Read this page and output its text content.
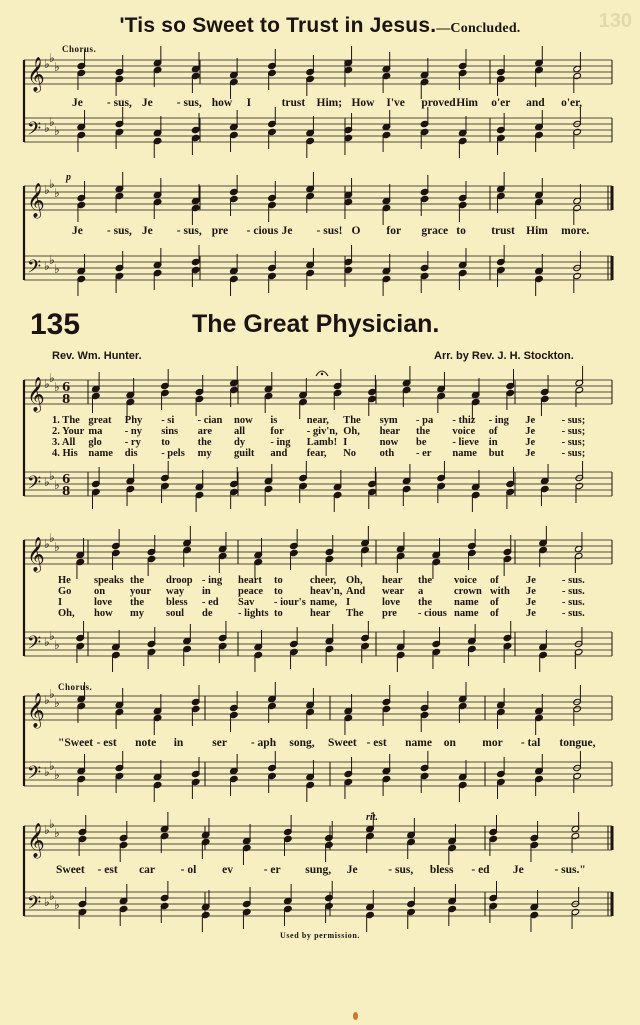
'Tis so Sweet to Trust in Jesus.—Concluded.	130
135	The Great Physician.
Rev. Wm. Hunter.	Arr. by Rev. J. H. Stockton.
Chorus.
p
Chorus.
rit.
𝄞
𝄢
♭ ♭
♭
♭ ♭
♭
𝄞
𝄢
♭ ♭
♭
♭ ♭
♭
𝄞
𝄢
♭ ♭
♭
♭ ♭
♭
6
8
6
8
𝄞
𝄢
♭ ♭
♭
♭ ♭
♭
𝄞
𝄢
♭ ♭
♭
♭ ♭
♭
𝄞
𝄢
♭ ♭
♭
♭ ♭
♭
Je - sus, Je - sus, how I	trust Him; How I've proved Him o'er and o'er,
Je - sus, Je - sus, pre - cious Je - sus! O for grace to trust Him more.
1. The great Phy - si - cian now is	near, The sym - pa - thiz - ing Je	- sus;
2. Your ma - ny sins are all for - giv'n, Oh, hear the voice of	Je	- sus;
3. All glo - ry to	the dy - ing Lamb! I	now be - lieve in	Je	- sus;
4. His name dis - pels my guilt and fear, No oth - er name but Je	- sus;
He speaks the droop - ing heart to	cheer, Oh, hear the voice of	Je - sus.
Go on your way in	peace to	heav'n, And wear a	crown with Je - sus.
I	love the bless - ed Sav - iour's name, I	love the name of	Je - sus.
Oh, how my soul de - lights to	hear The pre - cious name of	Je - sus.
"Sweet - est note in	ser - aph song, Sweet - est name on mor - tal tongue,
Sweet - est car - ol ev	- er sung, Je	- sus, bless - ed Je	- sus."
Used by permission.
